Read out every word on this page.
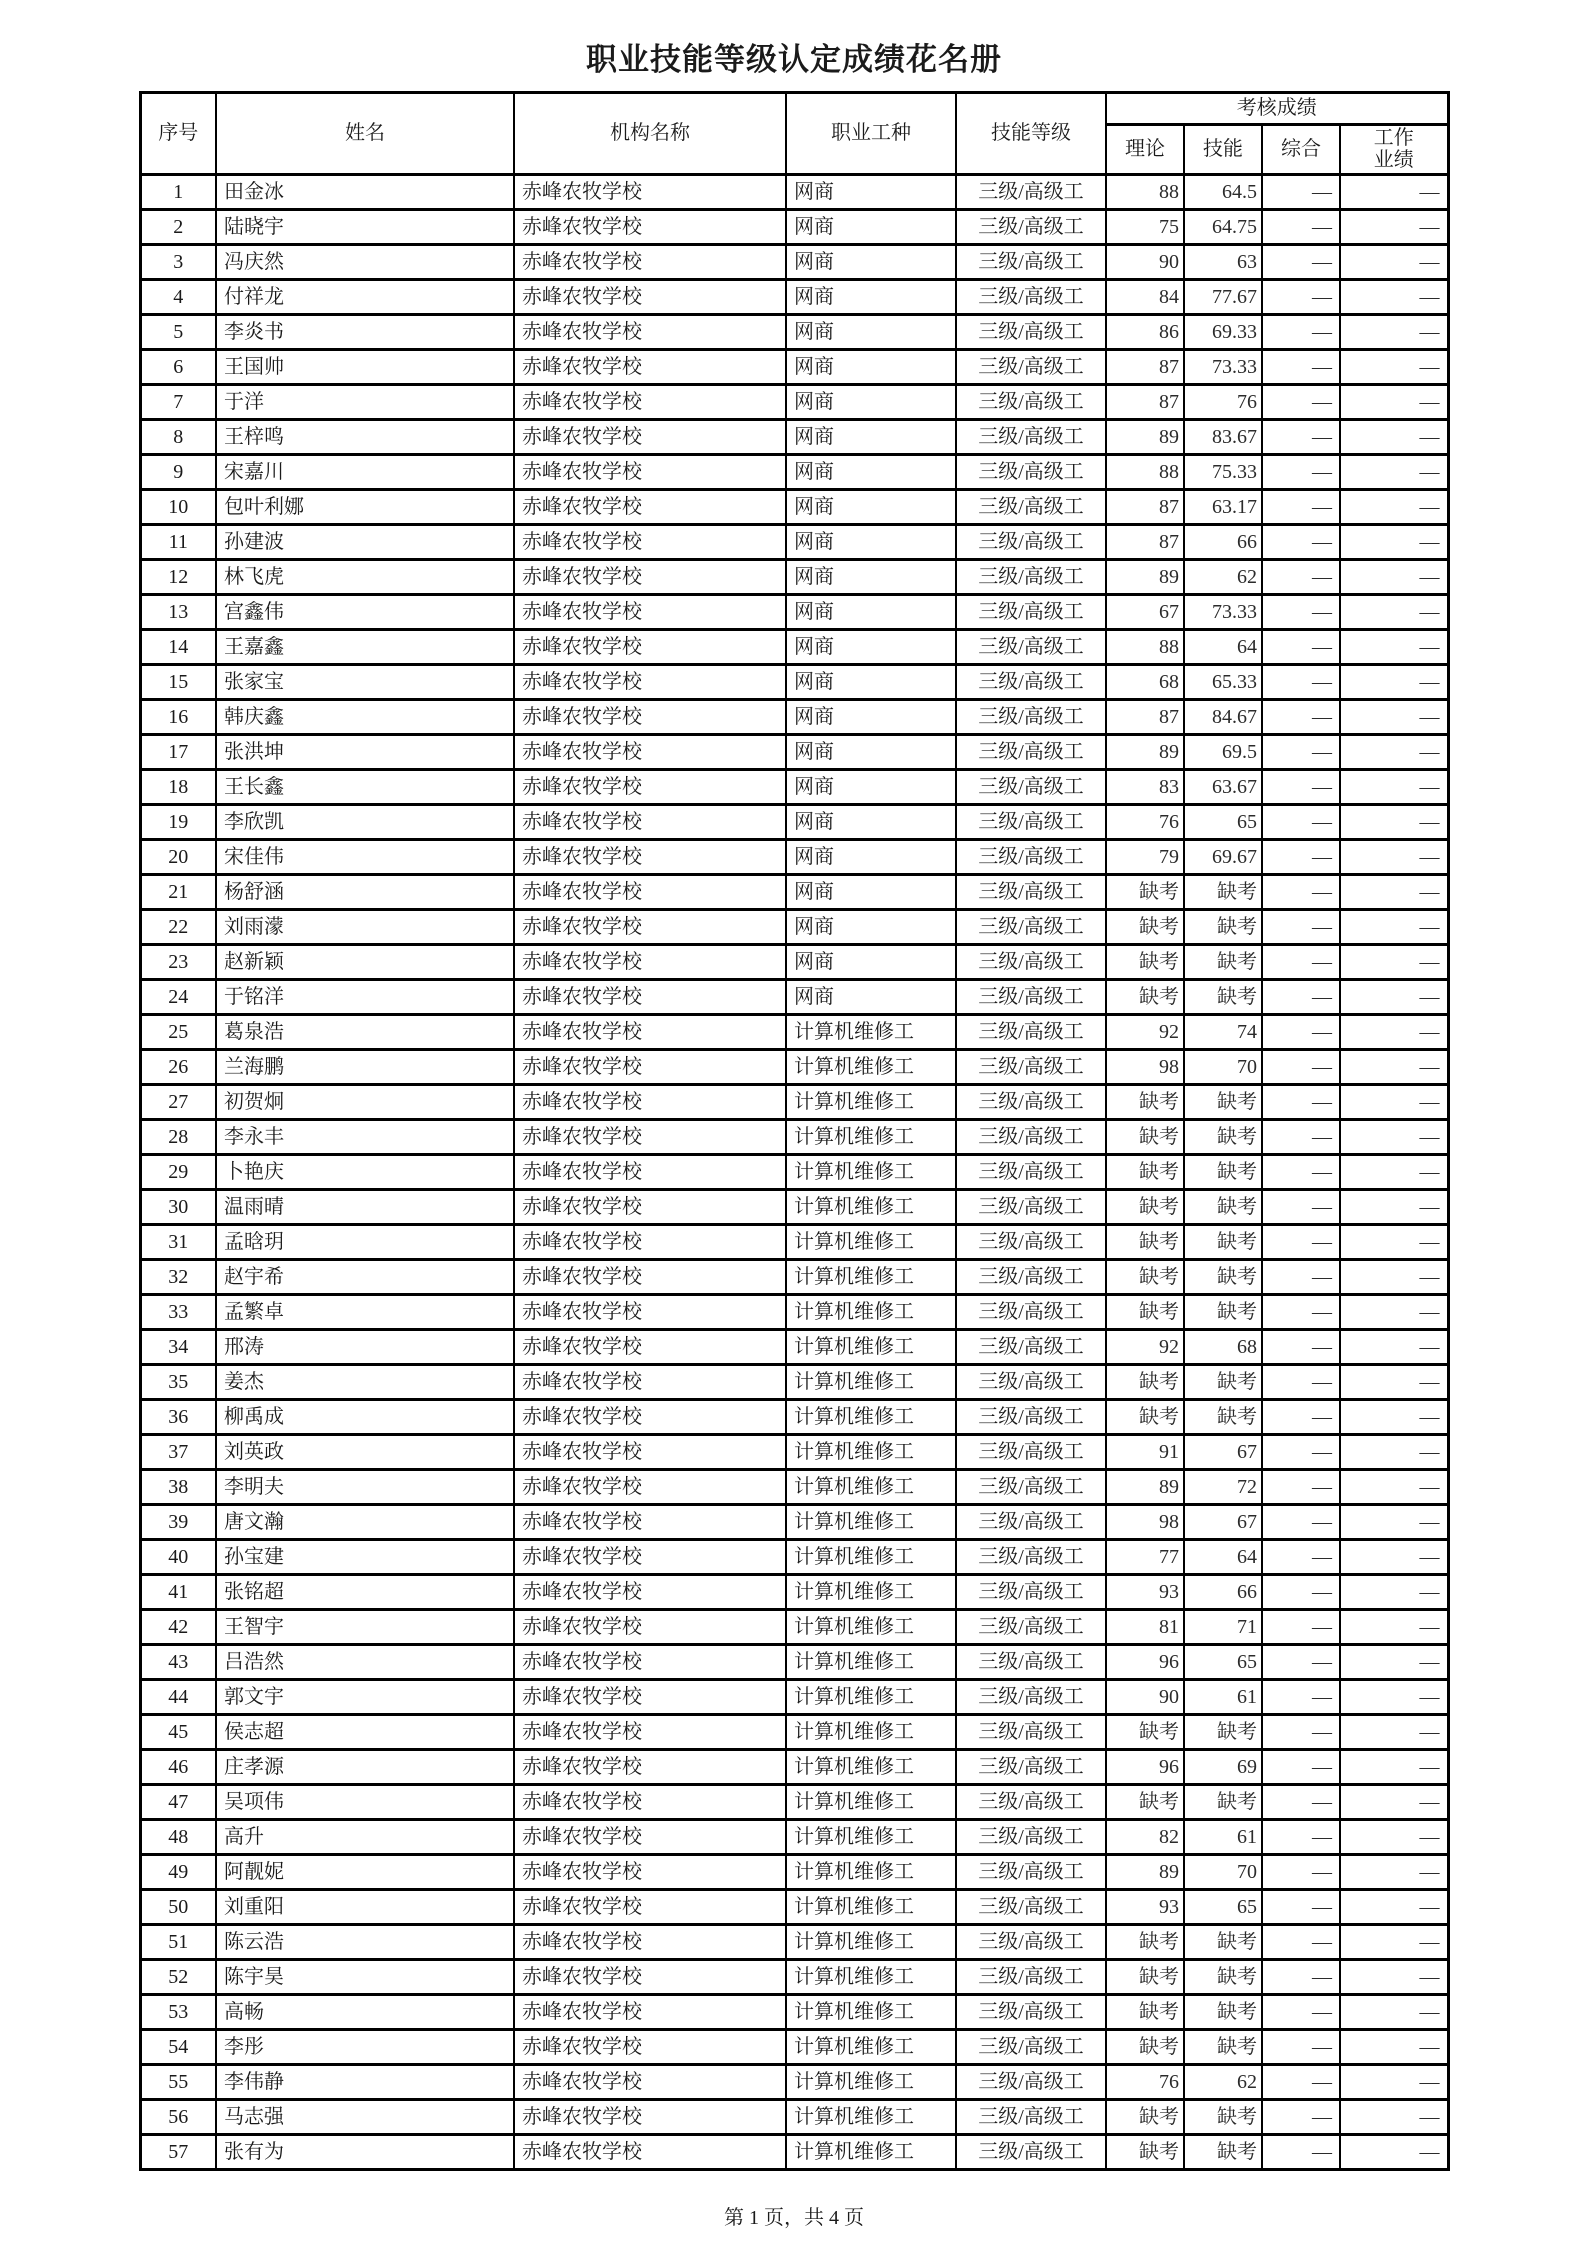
职业技能等级认定成绩花名册
序号	姓名	机构名称	职业工种	技能等级	考核成绩			
					理论	技能	综合	工作业绩
1	田金冰	赤峰农牧学校	网商	三级/高级工	88	64.5	—	—
2	陆晓宇	赤峰农牧学校	网商	三级/高级工	75	64.75	—	—
3	冯庆然	赤峰农牧学校	网商	三级/高级工	90	63	—	—
4	付祥龙	赤峰农牧学校	网商	三级/高级工	84	77.67	—	—
5	李炎书	赤峰农牧学校	网商	三级/高级工	86	69.33	—	—
6	王国帅	赤峰农牧学校	网商	三级/高级工	87	73.33	—	—
7	于洋	赤峰农牧学校	网商	三级/高级工	87	76	—	—
8	王梓鸣	赤峰农牧学校	网商	三级/高级工	89	83.67	—	—
9	宋嘉川	赤峰农牧学校	网商	三级/高级工	88	75.33	—	—
10	包叶利娜	赤峰农牧学校	网商	三级/高级工	87	63.17	—	—
11	孙建波	赤峰农牧学校	网商	三级/高级工	87	66	—	—
12	林飞虎	赤峰农牧学校	网商	三级/高级工	89	62	—	—
13	宫鑫伟	赤峰农牧学校	网商	三级/高级工	67	73.33	—	—
14	王嘉鑫	赤峰农牧学校	网商	三级/高级工	88	64	—	—
15	张家宝	赤峰农牧学校	网商	三级/高级工	68	65.33	—	—
16	韩庆鑫	赤峰农牧学校	网商	三级/高级工	87	84.67	—	—
17	张洪坤	赤峰农牧学校	网商	三级/高级工	89	69.5	—	—
18	王长鑫	赤峰农牧学校	网商	三级/高级工	83	63.67	—	—
19	李欣凯	赤峰农牧学校	网商	三级/高级工	76	65	—	—
20	宋佳伟	赤峰农牧学校	网商	三级/高级工	79	69.67	—	—
21	杨舒涵	赤峰农牧学校	网商	三级/高级工	缺考	缺考	—	—
22	刘雨濛	赤峰农牧学校	网商	三级/高级工	缺考	缺考	—	—
23	赵新颖	赤峰农牧学校	网商	三级/高级工	缺考	缺考	—	—
24	于铭洋	赤峰农牧学校	网商	三级/高级工	缺考	缺考	—	—
25	葛泉浩	赤峰农牧学校	计算机维修工	三级/高级工	92	74	—	—
26	兰海鹏	赤峰农牧学校	计算机维修工	三级/高级工	98	70	—	—
27	初贺炯	赤峰农牧学校	计算机维修工	三级/高级工	缺考	缺考	—	—
28	李永丰	赤峰农牧学校	计算机维修工	三级/高级工	缺考	缺考	—	—
29	卜艳庆	赤峰农牧学校	计算机维修工	三级/高级工	缺考	缺考	—	—
30	温雨晴	赤峰农牧学校	计算机维修工	三级/高级工	缺考	缺考	—	—
31	孟晗玥	赤峰农牧学校	计算机维修工	三级/高级工	缺考	缺考	—	—
32	赵宇希	赤峰农牧学校	计算机维修工	三级/高级工	缺考	缺考	—	—
33	孟繁卓	赤峰农牧学校	计算机维修工	三级/高级工	缺考	缺考	—	—
34	邢涛	赤峰农牧学校	计算机维修工	三级/高级工	92	68	—	—
35	姜杰	赤峰农牧学校	计算机维修工	三级/高级工	缺考	缺考	—	—
36	柳禹成	赤峰农牧学校	计算机维修工	三级/高级工	缺考	缺考	—	—
37	刘英政	赤峰农牧学校	计算机维修工	三级/高级工	91	67	—	—
38	李明夫	赤峰农牧学校	计算机维修工	三级/高级工	89	72	—	—
39	唐文瀚	赤峰农牧学校	计算机维修工	三级/高级工	98	67	—	—
40	孙宝建	赤峰农牧学校	计算机维修工	三级/高级工	77	64	—	—
41	张铭超	赤峰农牧学校	计算机维修工	三级/高级工	93	66	—	—
42	王智宇	赤峰农牧学校	计算机维修工	三级/高级工	81	71	—	—
43	吕浩然	赤峰农牧学校	计算机维修工	三级/高级工	96	65	—	—
44	郭文宇	赤峰农牧学校	计算机维修工	三级/高级工	90	61	—	—
45	侯志超	赤峰农牧学校	计算机维修工	三级/高级工	缺考	缺考	—	—
46	庄孝源	赤峰农牧学校	计算机维修工	三级/高级工	96	69	—	—
47	吴项伟	赤峰农牧学校	计算机维修工	三级/高级工	缺考	缺考	—	—
48	高升	赤峰农牧学校	计算机维修工	三级/高级工	82	61	—	—
49	阿靓妮	赤峰农牧学校	计算机维修工	三级/高级工	89	70	—	—
50	刘重阳	赤峰农牧学校	计算机维修工	三级/高级工	93	65	—	—
51	陈云浩	赤峰农牧学校	计算机维修工	三级/高级工	缺考	缺考	—	—
52	陈宇昊	赤峰农牧学校	计算机维修工	三级/高级工	缺考	缺考	—	—
53	高畅	赤峰农牧学校	计算机维修工	三级/高级工	缺考	缺考	—	—
54	李彤	赤峰农牧学校	计算机维修工	三级/高级工	缺考	缺考	—	—
55	李伟静	赤峰农牧学校	计算机维修工	三级/高级工	76	62	—	—
56	马志强	赤峰农牧学校	计算机维修工	三级/高级工	缺考	缺考	—	—
57	张有为	赤峰农牧学校	计算机维修工	三级/高级工	缺考	缺考	—	—
第 1 页，共 4 页
